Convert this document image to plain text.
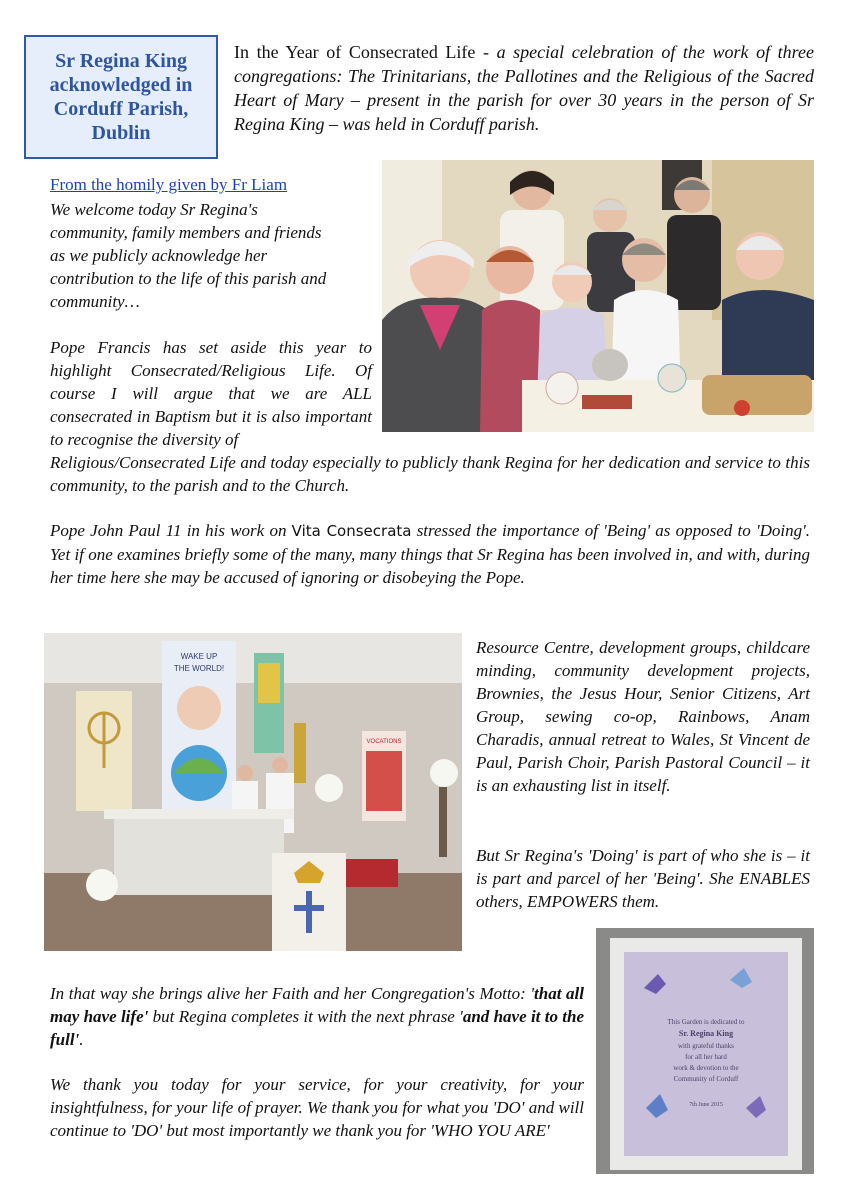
Sr Regina King
acknowledged in
Corduff Parish,
Dublin
In the Year of Consecrated Life - a special celebration of the work of three congregations: The Trinitarians, the Pallotines and the Religious of the Sacred Heart of Mary – present in the parish for over 30 years in the person of Sr Regina King – was held in Corduff parish.
From the homily given by Fr Liam
We welcome today Sr Regina's community, family members and friends as we publicly acknowledge her contribution to the life of this parish and community…
Pope Francis has set aside this year to highlight Consecrated/Religious Life. Of course I will argue that we are ALL consecrated in Baptism but it is also important to recognise the diversity of
Religious/Consecrated Life and today especially to publicly thank Regina for her dedication and service to this community, to the parish and to the Church.
Pope John Paul 11 in his work on Vita Consecrata stressed the importance of 'Being' as opposed to 'Doing'. Yet if one examines briefly some of the many, many things that Sr Regina has been involved in, and with, during her time here she may be accused of ignoring or disobeying the Pope.
WAKE UP
THE WORLD!
VOCATIONS
Resource Centre, development groups, childcare minding, community development projects, Brownies, the Jesus Hour, Senior Citizens, Art Group, sewing co-op, Rainbows, Anam Charadis, annual retreat to Wales, St Vincent de Paul, Parish Choir, Parish Pastoral Council – it is an exhausting list in itself.
But Sr Regina's 'Doing' is part of who she is – it is part and parcel of her 'Being'. She ENABLES others, EMPOWERS them.
In that way she brings alive her Faith and her Congregation's Motto: 'that all may have life' but Regina completes it with the next phrase 'and have it to the full'.
We thank you today for your service, for your creativity, for your insightfulness, for your life of prayer. We thank you for what you 'DO' and will continue to 'DO' but most importantly we thank you for 'WHO YOU ARE'
This Garden is dedicated to
Sr. Regina King
with grateful thanks
for all her hard
work & devotion to the
Community of Corduff
7th June 2015
